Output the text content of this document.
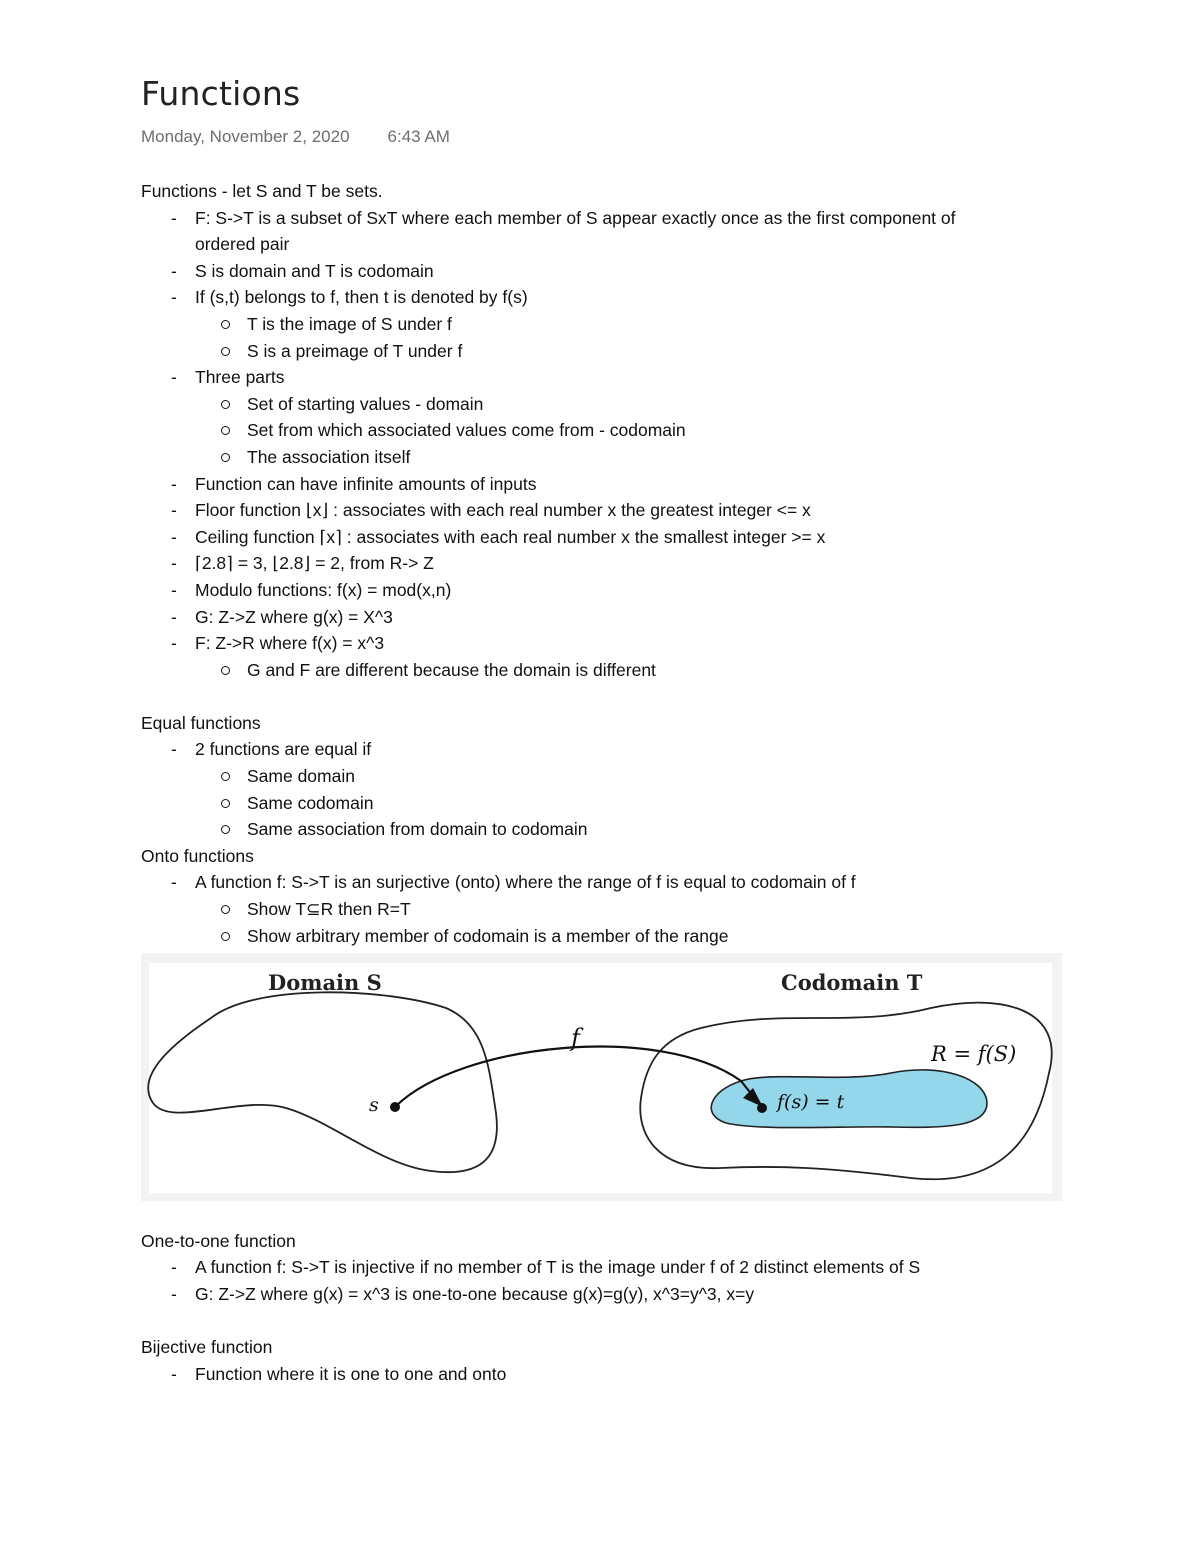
Functions
Monday, November 2, 2020 6:43 AM
Functions - let S and T be sets.
- F: S->T is a subset of SxT where each member of S appear exactly once as the first component of
ordered pair
- S is domain and T is codomain
- If (s,t) belongs to f, then t is denoted by f(s)
T is the image of S under f
S is a preimage of T under f
- Three parts
Set of starting values - domain
Set from which associated values come from - codomain
The association itself
- Function can have infinite amounts of inputs
- Floor function ⌊x⌋ : associates with each real number x the greatest integer <= x
- Ceiling function ⌈x⌉ : associates with each real number x the smallest integer >= x
- ⌈2.8⌉ = 3, ⌊2.8⌋ = 2, from R-> Z
- Modulo functions: f(x) = mod(x,n)
- G: Z->Z where g(x) = X^3
- F: Z->R where f(x) = x^3
G and F are different because the domain is different
Equal functions
- 2 functions are equal if
Same domain
Same codomain
Same association from domain to codomain
Onto functions
- A function f: S->T is an surjective (onto) where the range of f is equal to codomain of f
Show T⊆R then R=T
Show arbitrary member of codomain is a member of the range
Domain S	Codomain T
f
R = f(S)
s	f(s) = t
One-to-one function
- A function f: S->T is injective if no member of T is the image under f of 2 distinct elements of S
- G: Z->Z where g(x) = x^3 is one-to-one because g(x)=g(y), x^3=y^3, x=y
Bijective function
- Function where it is one to one and onto
